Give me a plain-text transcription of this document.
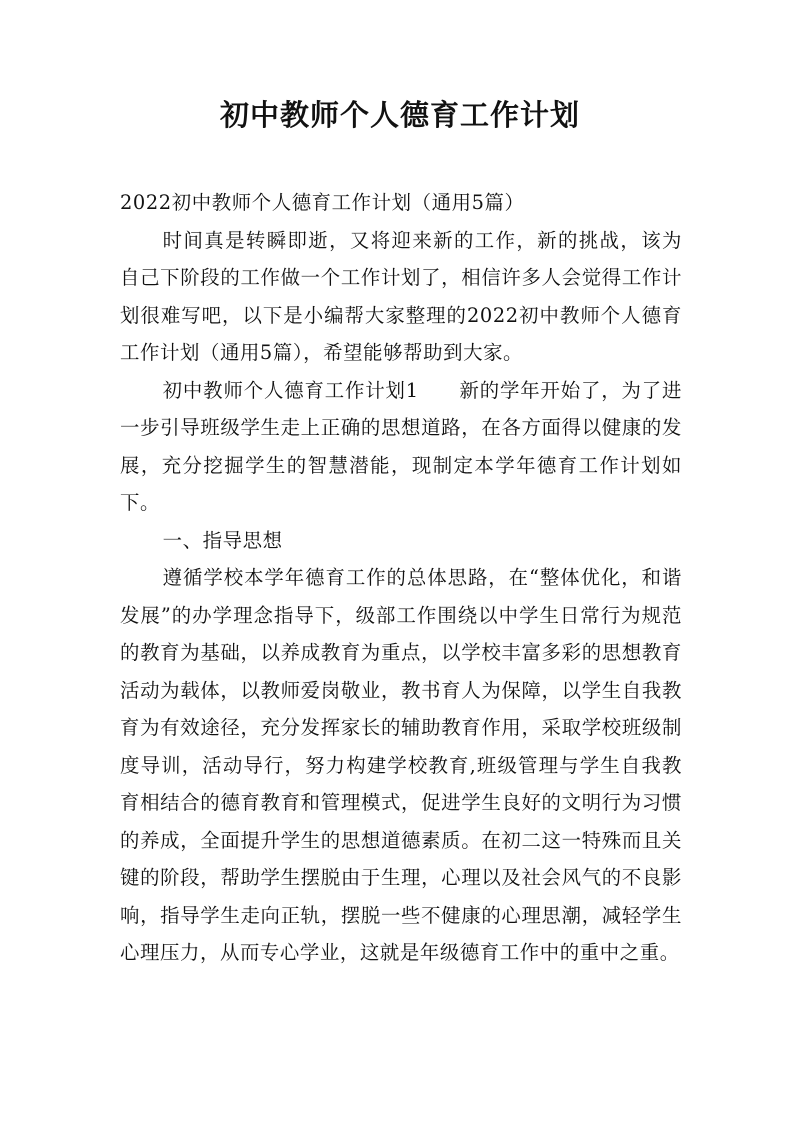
初中教师个人德育工作计划

2022初中教师个人德育工作计划（通用5篇）

时间真是转瞬即逝，又将迎来新的工作，新的挑战，该为自己下阶段的工作做一个工作计划了，相信许多人会觉得工作计划很难写吧，以下是小编帮大家整理的2022初中教师个人德育工作计划（通用5篇），希望能够帮助到大家。

初中教师个人德育工作计划1　　新的学年开始了，为了进一步引导班级学生走上正确的思想道路，在各方面得以健康的发展，充分挖掘学生的智慧潜能，现制定本学年德育工作计划如下。

一、指导思想

遵循学校本学年德育工作的总体思路，在“整体优化，和谐发展”的办学理念指导下，级部工作围绕以中学生日常行为规范的教育为基础，以养成教育为重点，以学校丰富多彩的思想教育活动为载体，以教师爱岗敬业，教书育人为保障，以学生自我教育为有效途径，充分发挥家长的辅助教育作用，采取学校班级制度导训，活动导行，努力构建学校教育,班级管理与学生自我教育相结合的德育教育和管理模式，促进学生良好的文明行为习惯的养成，全面提升学生的思想道德素质。在初二这一特殊而且关键的阶段，帮助学生摆脱由于生理，心理以及社会风气的不良影响，指导学生走向正轨，摆脱一些不健康的心理思潮，减轻学生心理压力，从而专心学业，这就是年级德育工作中的重中之重。
